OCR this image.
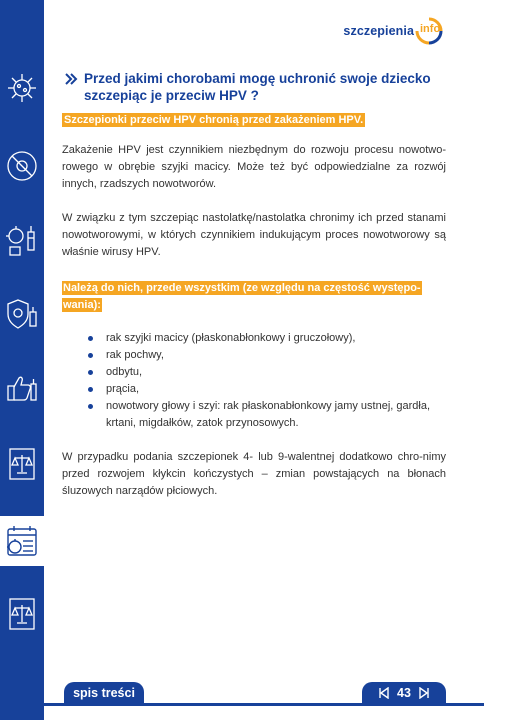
szczepienia info
Przed jakimi chorobami mogę uchronić swoje dziecko szczepiąc je przeciw HPV ?
Szczepionki przeciw HPV chronią przed zakażeniem HPV.

Zakażenie HPV jest czynnikiem niezbędnym do rozwoju procesu nowotwo-rowego w obrębie szyjki macicy. Może też być odpowiedzialne za rozwój innych, rzadszych nowotworów.

W związku z tym szczepiąc nastolatkę/nastolatka chronimy ich przed stanami nowotworowymi, w których czynnikiem indukującym proces nowotworowy są właśnie wirusy HPV.

Należą do nich, przede wszystkim (ze względu na częstość występo-wania):
rak szyjki macicy (płaskonabłonkowy i gruczołowy),
rak pochwy,
odbytu,
prącia,
nowotwory głowy i szyi: rak płaskonabłonkowy jamy ustnej, gardła, krtani, migdałków, zatok przynosowych.

W przypadku podania szczepionek 4- lub 9-walentnej dodatkowo chro-nimy przed rozwojem kłykcin kończystych – zmian powstających na błonach śluzowych narządów płciowych.

spis treści	43
